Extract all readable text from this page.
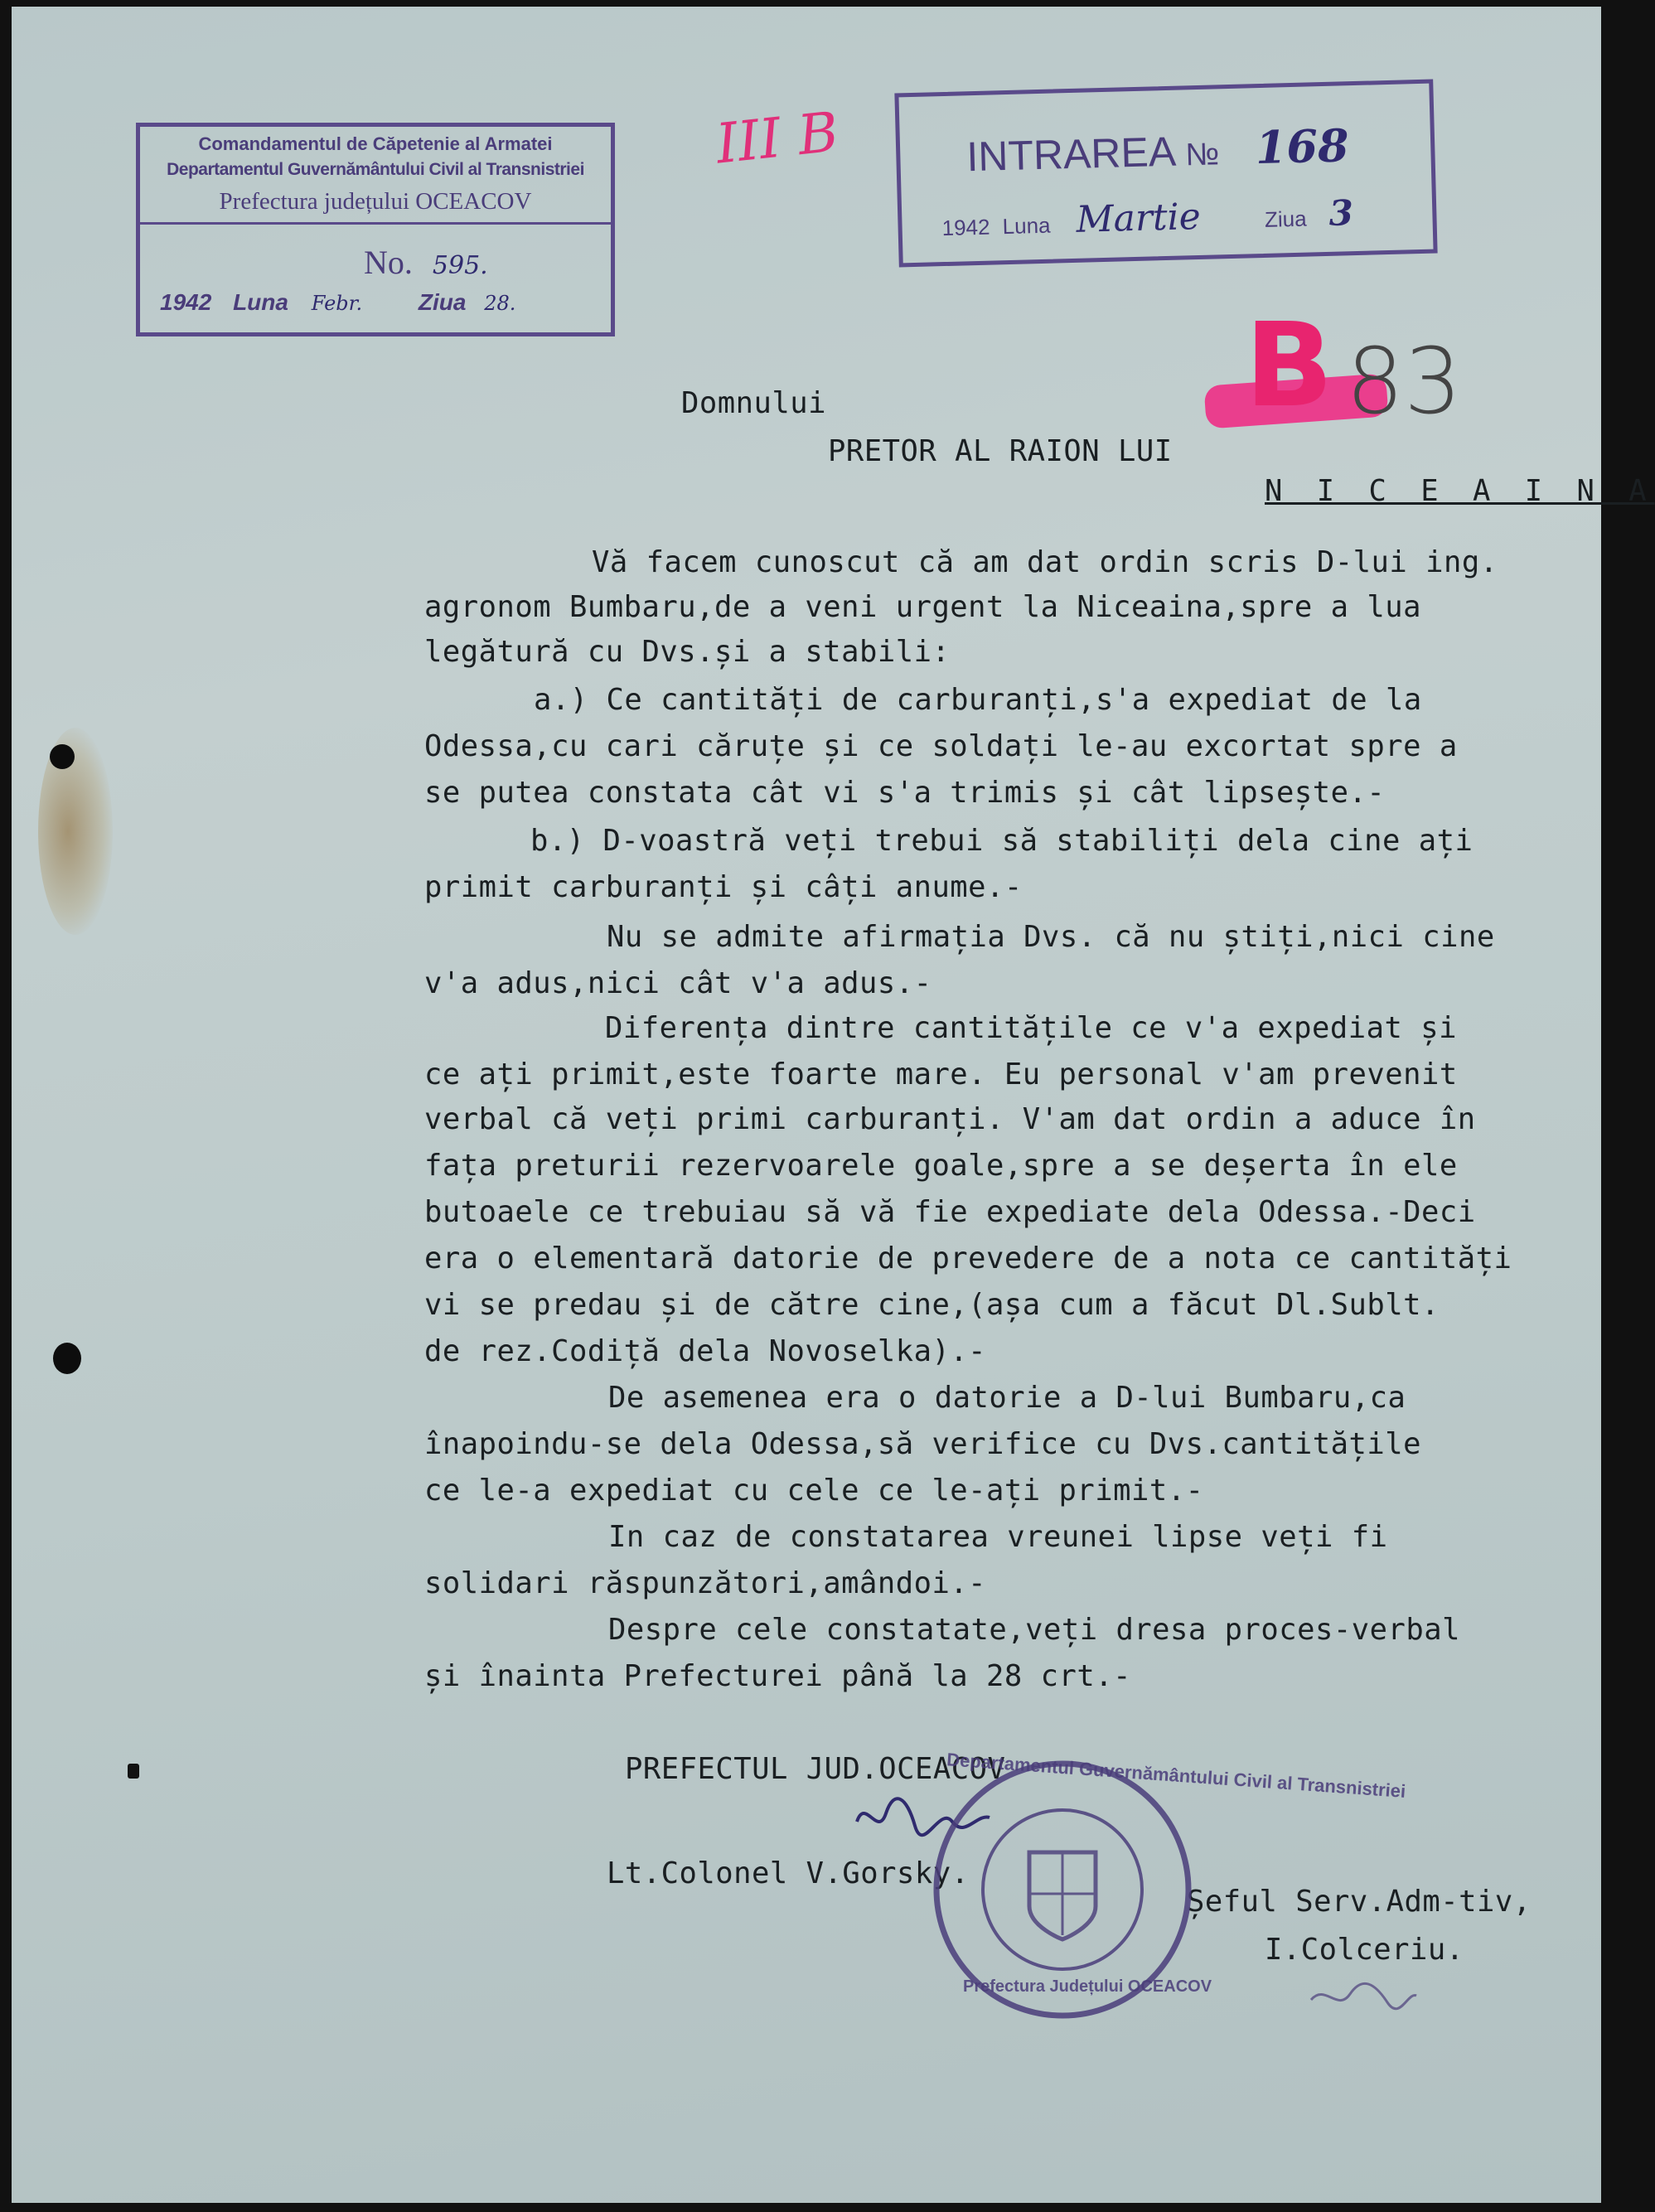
Comandamentul de Căpetenie al Armatei
Departamentul Guvernământului Civil al Transnistriei
Prefectura județului OCEACOV
No. 595.
1942 Luna Febr. Ziua 28.
III B	INTRAREA № 168
1942 Luna Martie	Ziua 3
B 83
Domnului
PRETOR AL RAION LUI
N I C E A I N A
Vă facem cunoscut că am dat ordin scris D-lui ing.
agronom Bumbaru,de a veni urgent la Niceaina,spre a lua
legătură cu Dvs.și a stabili:
a.) Ce cantități de carburanți,s'a expediat de la
Odessa,cu cari căruțe și ce soldați le-au excortat spre a
se putea constata cât vi s'a trimis și cât lipsește.-
b.) D-voastră veți trebui să stabiliți dela cine ați
primit carburanți și câți anume.-
Nu se admite afirmația Dvs. că nu știți,nici cine
v'a adus,nici cât v'a adus.-
Diferența dintre cantitățile ce v'a expediat și
ce ați primit,este foarte mare. Eu personal v'am prevenit
verbal că veți primi carburanți. V'am dat ordin a aduce în
fața preturii rezervoarele goale,spre a se deșerta în ele
butoaele ce trebuiau să vă fie expediate dela Odessa.-Deci
era o elementară datorie de prevedere de a nota ce cantități
vi se predau și de către cine,(așa cum a făcut Dl.Sublt.
de rez.Codiță dela Novoselka).-
De asemenea era o datorie a D-lui Bumbaru,ca
înapoindu-se dela Odessa,să verifice cu Dvs.cantitățile
ce le-a expediat cu cele ce le-ați primit.-
In caz de constatarea vreunei lipse veți fi
solidari răspunzători,amândoi.-
Despre cele constatate,veți dresa proces-verbal
și înainta Prefecturei până la 28 crt.-
PREFECTUL JUD.OCEACOV
Lt.Colonel V.Gorsky.
Șeful Serv.Adm-tiv,
I.Colceriu.
Departamentul Guvernământului Civil al Transnistriei
Prefectura Județului OCEACOV
